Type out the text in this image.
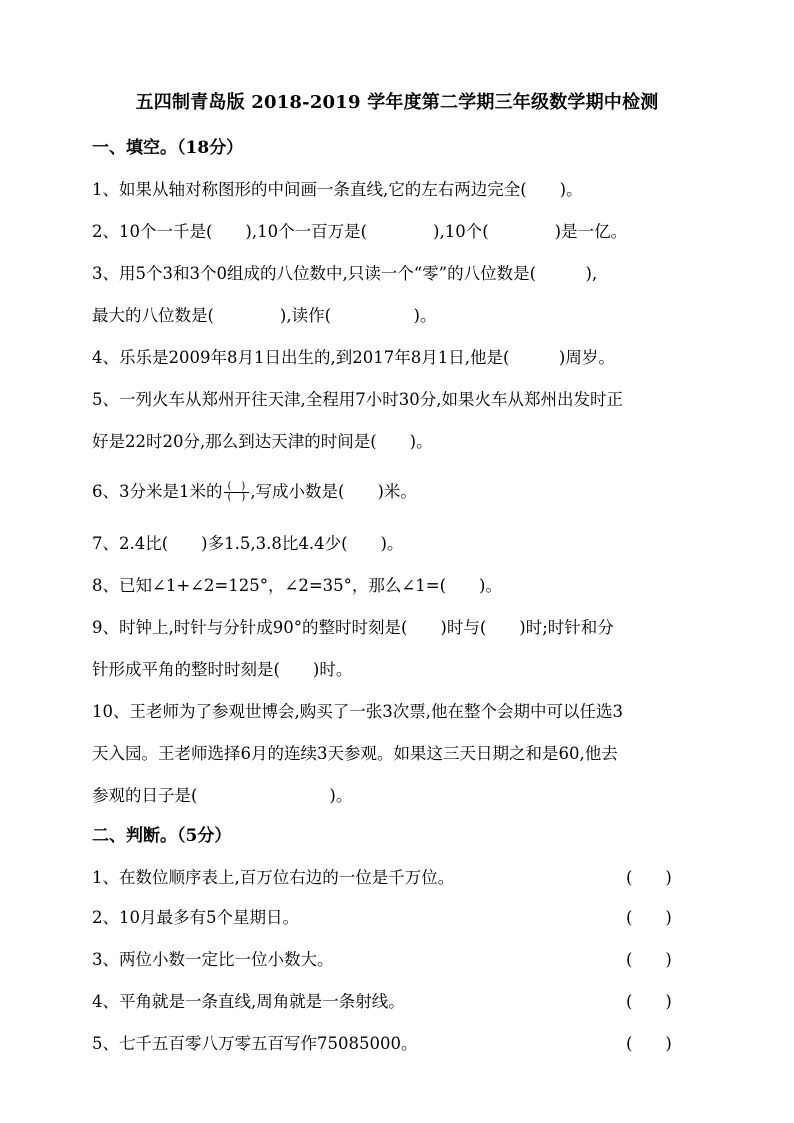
五四制青岛版 2018-2019 学年度第二学期三年级数学期中检测
一、填空。（18分）
1、如果从轴对称图形的中间画一条直线,它的左右两边完全(　　)。
2、10个一千是(　　),10个一百万是(　　　　),10个(　　　　)是一亿。
3、用5个3和3个0组成的八位数中,只读一个“零”的八位数是(　　　),
最大的八位数是(　　　　),读作(　　　　　)。
4、乐乐是2009年8月1日出生的,到2017年8月1日,他是(　　　)周岁。
5、一列火车从郑州开往天津,全程用7小时30分,如果火车从郑州出发时正
好是22时20分,那么到达天津的时间是(　　)。
6、3分米是1米的 $\frac{( )}{( )}$ ,写成小数是(　　)米。
7、2.4比(　　)多1.5,3.8比4.4少(　　)。
8、已知∠1+∠2=125°，∠2=35°，那么∠1=(　　)。
9、时钟上,时针与分针成90°的整时时刻是(　　)时与(　　)时;时针和分
针形成平角的整时时刻是(　　)时。
10、王老师为了参观世博会,购买了一张3次票,他在整个会期中可以任选3
天入园。王老师选择6月的连续3天参观。如果这三天日期之和是60,他去
参观的日子是(　　　　　　　　)。
二、判断。（5分）
1、在数位顺序表上,百万位右边的一位是千万位。	(　　)
2、10月最多有5个星期日。	(　　)
3、两位小数一定比一位小数大。	(　　)
4、平角就是一条直线,周角就是一条射线。	(　　)
5、七千五百零八万零五百写作75085000。	(　　)
